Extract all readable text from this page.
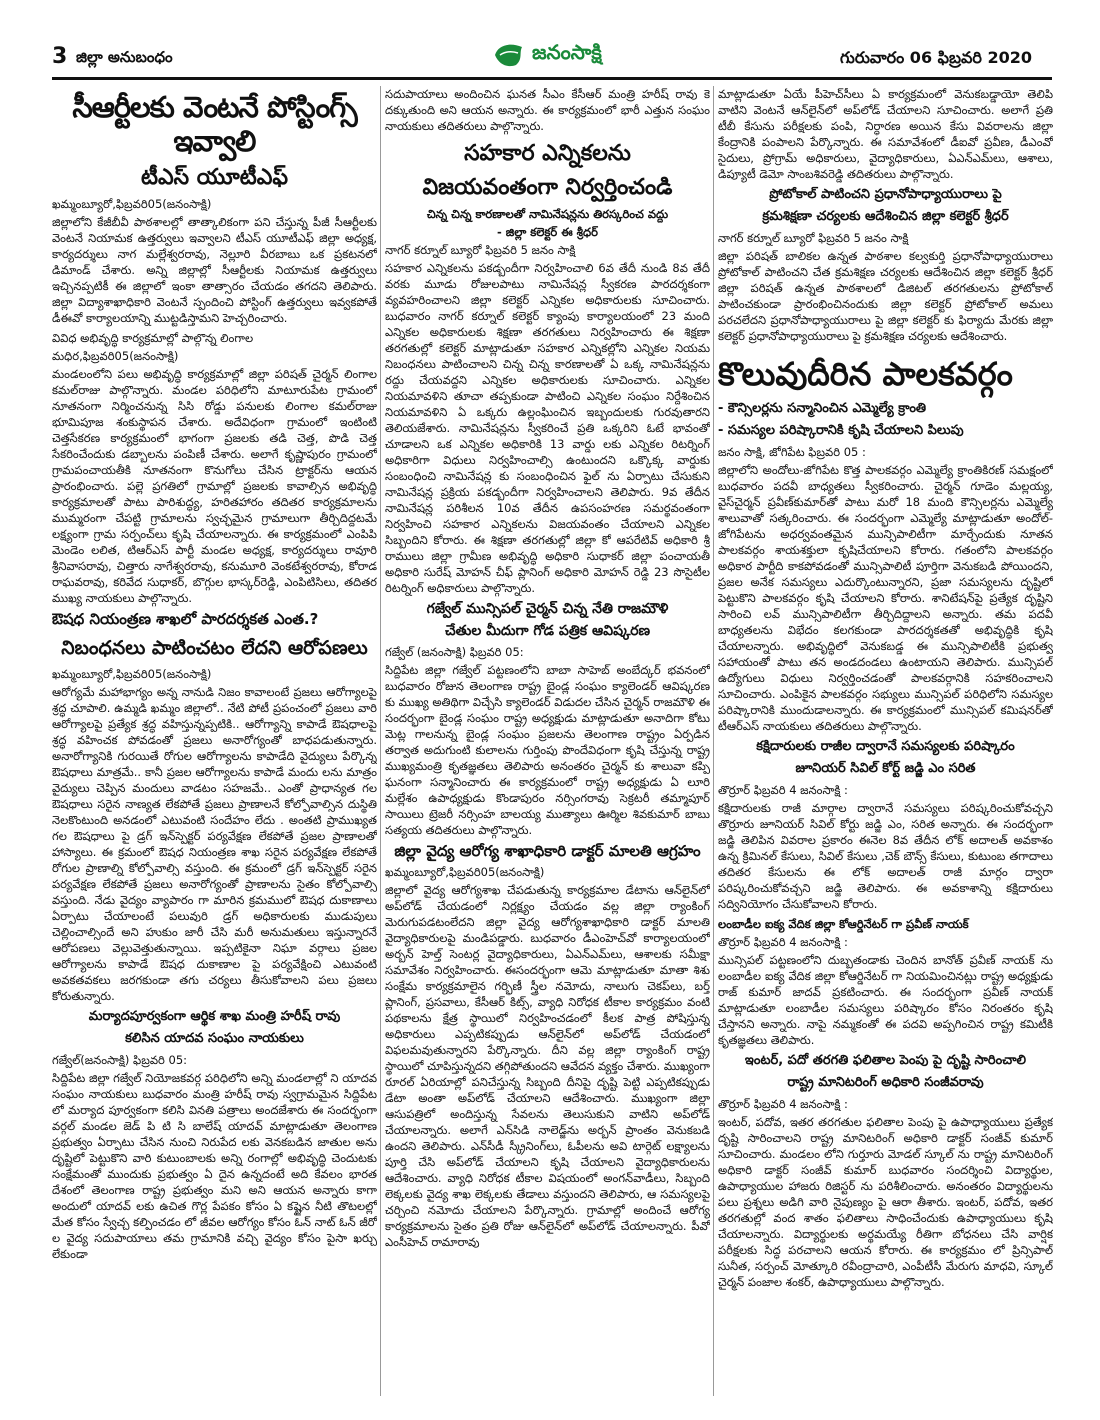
3 జిల్లా అనుబంధం	జనంసాక్షి	గురువారం 06 ఫిబ్రవరి 2020
సీఆర్టీలకు వెంటనే పోస్టింగ్స్ ఇవ్వాలి
టీఎస్ యూటీఎఫ్
ఖమ్మంబ్యూరో,ఫిబ్రవరి05(జనంసాక్షి)

జిల్లాలోని కేజీబీవీ పాఠశాలల్లో తాత్కాలికంగా పని చేస్తున్న పీజీ సీఆర్టీలకు వెంటనే నియామక ఉత్తర్వులు ఇవ్వాలని టీఎస్ యూటీఎఫ్ జిల్లా అధ్యక్ష, కార్యదర్శులు నాగ మల్లేశ్వరరావు, నెల్లూరి వీరబాబు ఒక ప్రకటనలో డిమాండ్ చేశారు. అన్ని జిల్లాల్లో సీఆర్టీలకు నియామక ఉత్తర్వులు ఇచ్చినప్పటికీ ఈ జిల్లాలో ఇంకా తాత్సారం చేయడం తగదని తెలిపారు. జిల్లా విద్యాశాఖాధికారి వెంటనే స్పందించి పోస్టింగ్ ఉత్తర్వులు ఇవ్వకపోతే డీఈవో కార్యాలయాన్ని ముట్టడిస్తామని హెచ్చరించారు.

వివిధ అభివృద్ధి కార్యక్రమాల్లో పాల్గొన్న లింగాల
మధిర,ఫిబ్రవరి05(జనంసాక్షి)

మండలంలోని పలు అభివృద్ధి కార్యక్రమాల్లో జిల్లా పరిషత్ చైర్మన్ లింగాల కమల్‌రాజు పాల్గొన్నారు. మండల పరిధిలోని మాటూరుపేట గ్రామంలో నూతనంగా నిర్మించనున్న సిసి రోడ్డు పనులకు లింగాల కమల్‌రాజు భూమిపూజ శంకుస్థాపన చేశారు. అదేవిధంగా గ్రామంలో ఇంటింటి చెత్తసేకరణ కార్యక్రమంలో భాగంగా ప్రజలకు తడి చెత్త, పొడి చెత్త సేకరించేందుకు డబ్బాలను పంపిణీ చేశారు. అలాగే కృష్ణాపురం గ్రామంలో గ్రామపంచాయతీకి నూతనంగా కొనుగోలు చేసిన ట్రాక్టర్‌ను ఆయన ప్రారంభించారు. పల్లె ప్రగతిలో గ్రామాల్లో ప్రజలకు కావాల్సిన అభివృద్ధి కార్యక్రమాలతో పాటు పారిశుద్ధ్య, హరితహారం తదితర కార్యక్రమాలను ముమ్మరంగా చేపట్టి గ్రామాలను స్వచ్ఛమైన గ్రామాలుగా తీర్చిదిద్దటమే లక్ష్యంగా గ్రామ సర్పంచ్‌లు కృషి చేయాలన్నారు. ఈ కార్యక్రమంలో ఎంపిపి మెండెం లలిత, టిఆర్ఎస్ పార్టీ మండల అధ్యక్ష, కార్యదర్శులు రావూరి శ్రీనివాసరావు, చిత్తారు నాగేశ్వరరావు, కనుమూరి వెంకటేశ్వరరావు, కోరాడ రాఘవరావు, కరివేద సుధాకర్, బొగ్గుల భాస్కర్‌రెడ్డి, ఎంపిటిసిలు, తదితర ముఖ్య నాయకులు పాల్గొన్నారు.

ఔషధ నియంత్రణ శాఖలో పారదర్శకత ఎంత.?
నిబంధనలు పాటించటం లేదని ఆరోపణలు
ఖమ్మంబ్యూరో,ఫిబ్రవరి05(జనంసాక్షి)

ఆరోగ్యమే మహాభాగ్యం అన్న నానుడి నిజం కావాలంటే ప్రజలు ఆరోగ్యాలపై శ్రద్ధ చూపాలి. ఉమ్మడి ఖమ్మం జిల్లాలో.. నేటి పోటీ ప్రపంచంలో ప్రజలు వారి ఆరోగ్యాలపై ప్రత్యేక శ్రద్ధ వహిస్తున్నప్పటికి.. ఆరోగ్యాన్ని కాపాడే ఔషధాలపై శ్రద్ధ వహించక పోవడంతో ప్రజలు అనారోగ్యంతో బాధపడుతున్నారు. అనారోగ్యానికి గురయితే రోగుల ఆరోగ్యాలను కాపాడేది వైద్యులు పేర్కొన్న ఔషధాలు మాత్రమే.. కానీ ప్రజల ఆరోగ్యాలను కాపాడే మందు లను మాత్రం వైద్యులు చెప్పిన మందులు వాడటం సహజమే.. ఎంతో ప్రాధాన్యత గల ఔషధాలు సరైన నాణ్యత లేకపోతే ప్రజలు ప్రాణాలనే కోల్పోవాల్సిన దుస్థితి నెలకొంటుంది అనడంలో ఎటువంటి సందేహం లేదు . అంతటి ప్రాముఖ్యత గల ఔషధాలు పై డ్రగ్ ఇన్‌స్పెక్టర్ పర్యవేక్షణ లేకపోతే ప్రజల ప్రాణాలతో హాస్యాలు. ఈ క్రమంలో ఔషధ నియంత్రణ శాఖ సరైన పర్యవేక్షణ లేకపోతే రోగుల ప్రాణాల్ని కోల్పోవాల్సి వస్తుంది. ఈ క్రమంలో డ్రగ్ ఇన్‌స్పెక్టర్ సరైన పర్యవేక్షణ లేకపోతే ప్రజలు అనారోగ్యంతో ప్రాణాలను సైతం కోల్పోవాల్సి వస్తుంది. నేడు వైద్యం వ్యాపారం గా మారిన క్రమములో ఔషధ దుకాణాలు ఏర్పాటు చేయాలంటే పలువురి డ్రగ్ అధికారులకు ముడుపులు చెల్లించాల్సిందే అని హుకుం జారీ చేసి మరీ అనుమతులు ఇస్తున్నారనే ఆరోపణలు వెల్లువెత్తుతున్నాయి. ఇప్పటికైనా నిఘా వర్గాలు ప్రజల ఆరోగ్యాలను కాపాడే ఔషధ దుకాణాల పై పర్యవేక్షించి ఎటువంటి అవకతవకలు జరగకుండా తగు చర్యలు తీసుకోవాలని పలు ప్రజలు కోరుతున్నారు.

మర్యాదపూర్వకంగా ఆర్థిక శాఖ మంత్రి హరీష్ రావు
కలిసిన యాదవ సంఘం నాయకులు
గజ్వేల్(జనంసాక్షి) ఫిబ్రవరి 05:

సిద్దిపేట జిల్లా గజ్వేల్ నియోజకవర్గ పరిధిలోని అన్ని మండలాల్లో ని యాదవ సంఘం నాయకులు బుధవారం మంత్రి హరీష్ రావు స్వగ్రామమైన సిద్దిపేట లో మర్యాద పూర్వకంగా కలిసి వినతి పత్రాలు అందజేశారు ఈ సందర్భంగా వర్గల్ మండల జెడ్ పి టి సి బాలేష్ యాదవ్ మాట్లాడుతూ తెలంగాణ ప్రభుత్వం ఏర్పాటు చేసిన నుంచి నిరుపేద లకు వెనకబడిన జాతుల అను దృష్టిలో పెట్టుకొని వారి కుటుంబాలకు అన్ని రంగాల్లో అభివృద్ధి చెందుటకు సంక్షేమంతో ముందుకు ప్రభుత్వం ఏ దైన ఉన్నదంటే అది కేవలం భారత దేశంలో తెలంగాణ రాష్ట్ర ప్రభుత్వం మని అని ఆయన అన్నారు కాగా అందులో యాదవ్ లకు ఉచిత గొర్ల పేపకం కోసం ఏ కష్టైన నీటి తొటలల్లో మేత కోసం స్వేచ్చ కల్పించడం లో జీవల ఆరోగ్యం కోసం ఓన్ నాట్ ఓన్ జీరో ల వైద్య సదుపాయాలు తమ గ్రామానికి వచ్చి వైద్యం కోసం పైసా ఖర్చు లేకుండా

సదుపాయాలు అందించిన ఘనత సీఎం కేసీఆర్ మంత్రి హరీష్ రావు కె దక్కుతుంది అని ఆయన అన్నారు. ఈ కార్యక్రమంలో భారీ ఎత్తున సంఘం నాయకులు తదితరులు పాల్గొన్నారు.

సహకార ఎన్నికలను
విజయవంతంగా నిర్వర్తించండి
చిన్న చిన్న కారణాలతో నామినేషన్లను తిరస్కరించ వద్దు
- జిల్లా కలెక్టర్ ఈ శ్రీధర్
నాగర్ కర్నూల్ బ్యూరో ఫిబ్రవరి 5 జనం సాక్షి

సహకార ఎన్నికలను పకడ్బందీగా నిర్వహించాలి 6వ తేదీ నుండి 8వ తేదీ వరకు మూడు రోజులపాటు నామినేషన్ల స్వీకరణ పారదర్శకంగా వ్యవహరించాలని జిల్లా కలెక్టర్ ఎన్నికల అధికారులకు సూచించారు. బుధవారం నాగర్ కర్నూల్ కలెక్టర్ క్యాంపు కార్యాలయంలో 23 మంది ఎన్నికల అధికారులకు శిక్షణా తరగతులు నిర్వహించారు ఈ శిక్షణా తరగతుల్లో కలెక్టర్ మాట్లాడుతూ సహకార ఎన్నికల్లోని ఎన్నికల నియమ నిబంధనలు పాటించాలని చిన్న చిన్న కారణాలతో ఏ ఒక్క నామినేషన్లను రద్దు చేయవద్దని ఎన్నికల అధికారులకు సూచించారు. ఎన్నికల నియమావళిని తూచా తప్పకుండా పాటించి ఎన్నికల సంఘం నిర్దేశించిన నియమావళిని ఏ ఒక్కరు ఉల్లంఘించిన ఇబ్బందులకు గురవుతారని తెలియజేశారు. నామినేషన్లను స్వీకరించే ప్రతి ఒక్కరిని ఓటే భావంతో చూడాలని ఒక ఎన్నికల అధికారికి 13 వార్డు లకు ఎన్నికల రిటర్నింగ్ అధికారిగా విధులు నిర్వహించాల్సి ఉంటుందని ఒక్కొక్క వార్డుకు సంబంధించి నామినేషన్ల కు సంబంధించిన ఫైల్ ను ఏర్పాటు చేసుకుని నామినేషన్ల ప్రక్రియ పకడ్బందీగా నిర్వహించాలని తెలిపారు. 9వ తేదీన నామినేషన్ల పరిశీలన 10వ తేదీన ఉపసంహరణ సమర్థవంతంగా నిర్వహించి సహకార ఎన్నికలను విజయవంతం చేయాలని ఎన్నికల సిబ్బందిని కోరారు. ఈ శిక్షణా తరగతుల్లో జిల్లా కో ఆపరేటివ్ అధికారి శ్రీ రాములు జిల్లా గ్రామీణ అభివృద్ధి అధికారి సుధాకర్ జిల్లా పంచాయతీ అధికారి సురేష్ మోహన్ చీఫ్ ప్లానింగ్ అధికారి మోహన్ రెడ్డి 23 సొసైటీల రిటర్నింగ్ అధికారులు పాల్గొన్నారు.

గజ్వేల్ మున్సిపల్ చైర్మన్ చిన్న నేతి రాజమౌళి
చేతుల మీదుగా గోడ పత్రిక ఆవిష్కరణ
గజ్వేల్ (జనంసాక్షి) ఫిబ్రవరి 05:

సిద్దిపేట జిల్లా గజ్వేల్ పట్టణంలోని బాబా సాహెబ్ అంబేద్కర్ భవనంలో బుధవారం రోజున తెలంగాణ రాష్ట్ర బైండ్ల సంఘం క్యాలెండర్ ఆవిష్కరణ కు ముఖ్య అతిథిగా విచ్చేసి క్యాలెండర్ విడుదల చేసిన చైర్మన్ రాజమౌళి ఈ సందర్భంగా బైండ్ల సంఘం రాష్ట్ర అధ్యక్షుడు మాట్లాడుతూ అనాదిగా కోటు మెట్ల గాలనున్న బైండ్ల సంఘం ప్రజలను తెలంగాణ రాష్ట్రం ఏర్పడిన తర్వాత అదుగుంటి కులాలను గుర్తింపు పొందేవిధంగా కృషి చేస్తున్న రాష్ట్ర ముఖ్యమంత్రి కృతజ్ఞతలు తెలిపారు అనంతరం చైర్మన్ కు శాలువా కప్పి ఘనంగా సన్మానించారు ఈ కార్యక్రమంలో రాష్ట్ర అధ్యక్షుడు ఏ లూరి మల్లేశం ఉపాధ్యక్షుడు కొండాపురం నర్సింగరావు సెక్రటరీ తమ్మాపూర్ సాయిలు ట్రెజరీ నర్సింహ బాలయ్య ముత్యాలు ఊర్మిల శివకుమార్ బాబు సత్యయ తదితరులు పాల్గొన్నారు.

జిల్లా వైద్య ఆరోగ్య శాఖాధికారి డాక్టర్ మాలతి ఆగ్రహం
ఖమ్మంబ్యూరో,ఫిబ్రవరి05(జనంసాక్షి)

జిల్లాలో వైద్య ఆరోగ్యశాఖ చేపడుతున్న కార్యక్రమాల డేటాను ఆన్‌లైన్‌లో అప్‌లోడ్ చేయడంలో నిర్లక్ష్యం చేయడం వల్ల జిల్లా ర్యాంకింగ్ మెరుగుపడటంలేదని జిల్లా వైద్య ఆరోగ్యశాఖాధికారి డాక్టర్ మాలతి వైద్యాధికారులపై మండిపడ్డారు. బుధవారం డీఎంహెచ్‌వో కార్యాలయంలో అర్బన్ హెల్త్ సెంటర్ల వైద్యాధికారులు, ఏఎన్ఎమ్‌లు, ఆశాలకు సమీక్షా సమావేశం నిర్వహించారు. ఈసందర్భంగా ఆమె మాట్లాడుతూ మాతా శిశు సంక్షేమ కార్యక్రమాలైన గర్భిణీ స్త్రీల నమోదు, నాలుగు చెకప్‌లు, బర్త్ ప్లానింగ్, ప్రసవాలు, కేసీఆర్ కిట్స్, వ్యాధి నిరోధక టీకాల కార్యక్రమం వంటి పథకాలను క్షేత్ర స్థాయిలో నిర్వహించడంలో కీలక పాత్ర పోషిస్తున్న అధికారులు ఎప్పటికప్పుడు ఆన్‌లైన్‌లో అప్‌లోడ్ చేయడంలో విఫలమవుతున్నారని పేర్కొన్నారు. దీని వల్ల జిల్లా ర్యాంకింగ్ రాష్ట్ర స్థాయిలో చూపిస్తున్నదని తగ్గిపోతుందని ఆవేదన వ్యక్తం చేశారు. ముఖ్యంగా రూరల్ ఏరియాల్లో పనిచేస్తున్న సిబ్బంది దీనిపై దృష్టి పెట్టి ఎప్పటికప్పుడు డేటా అంతా అప్‌లోడ్ చేయాలని ఆదేశించారు. ముఖ్యంగా జిల్లా ఆసుపత్రిలో అందిస్తున్న సేవలను తెలుసుకుని వాటిని అప్‌లోడ్ చేయాలన్నారు. అలాగే ఎన్‌సిడి నాలెడ్జ్‌ను అర్బన్ ప్రాంతం వెనుకబడి ఉందని తెలిపారు. ఎన్‌సీడీ స్క్రీనింగ్‌లు, ఓపీలను అవి టార్గెట్ లక్ష్యాలను పూర్తి చేసి అప్‌లోడ్ చేయాలని కృషి చేయాలని వైద్యాధికారులను ఆదేశించారు. వ్యాధి నిరోధక టీకాల విషయంలో అంగన్‌వాడీలు, సిబ్బంది లెక్కలకు వైద్య శాఖ లెక్కలకు తేడాలు వస్తుందని తెలిపారు, ఆ సమస్యలపై చర్చించి నమోదు చేయాలని పేర్కొన్నారు. గ్రామాల్లో అందించే ఆరోగ్య కార్యక్రమాలను సైతం ప్రతి రోజు ఆన్‌లైన్‌లో అప్‌లోడ్ చేయాలన్నారు. పీవో ఎంసీహెచ్ రామారావు

మాట్లాడుతూ ఏయే పీహెచ్‌సీలు ఏ కార్యక్రమంలో వెనుకబడ్డాయో తెలిపి వాటిని వెంటనే ఆన్‌లైన్‌లో అప్‌లోడ్ చేయాలని సూచించారు. అలాగే ప్రతి టీబీ కేసును పరీక్షలకు పంపి, నిర్ధారణ అయిన కేసు వివరాలను జిల్లా కేంద్రానికి పంపాలని పేర్కొన్నారు. ఈ సమావేశంలో డీఐవో ప్రవీణ, డీఎంవో సైదులు, ప్రోగ్రామ్ అధికారులు, వైద్యాధికారులు, ఏఎన్ఎమ్‌లు, ఆశాలు, డిప్యూటీ డెమో సాంబశివరెడ్డి తదితరులు పాల్గొన్నారు.

ప్రోటోకాల్ పాటించని ప్రధానోపాధ్యాయురాలు పై
క్రమశిక్షణా చర్యలకు ఆదేశించిన జిల్లా కలెక్టర్ శ్రీధర్
నాగర్ కర్నూల్ బ్యూరో ఫిబ్రవరి 5 జనం సాక్షి

జిల్లా పరిషత్ బాలికల ఉన్నత పాఠశాల కల్వకుర్తి ప్రధానోపాధ్యాయురాలు ప్రోటోకాల్ పాటించని చేత క్రమశిక్షణ చర్యలకు ఆదేశించిన జిల్లా కలెక్టర్ శ్రీధర్ జిల్లా పరిషత్ ఉన్నత పాఠశాలలో డిజిటల్ తరగతులను ప్రోటోకాల్ పాటించకుండా ప్రారంభించినందుకు జిల్లా కలెక్టర్ ప్రోటోకాల్ అమలు పరచలేదని ప్రధానోపాధ్యాయురాలు పై జిల్లా కలెక్టర్ కు ఫిర్యాదు మేరకు జిల్లా కలెక్టర్ ప్రధానోపాధ్యాయురాలు పై క్రమశిక్షణ చర్యలకు ఆదేశించారు.

కొలువుదీరిన పాలకవర్గం
- కౌన్సిలర్లను సన్మానించిన ఎమ్మెల్యే క్రాంతి
- సమస్యల పరిష్కారానికి కృషి చేయాలని పిలుపు
జనం సాక్షి, జోగిపేట ఫిబ్రవరి 05 :

జిల్లాలోని అందోలు-జోగిపేట కొత్త పాలకవర్గం ఎమ్మెల్యే క్రాంతికిరణ్ సమక్షంలో బుధవారం పదవీ బాధ్యతలు స్వీకరించారు. చైర్మన్ గూడెం మల్లయ్య, వైస్‌చైర్మన్ ప్రవీణ్‌కుమార్‌తో పాటు మరో 18 మంది కౌన్సిలర్లను ఎమ్మెల్యే శాలువాతో సత్కరించారు. ఈ సందర్భంగా ఎమ్మెల్యే మాట్లాడుతూ అందోల్-జోగిపేటను అధర్వవంతమైన మున్సిపాలిటీగా మార్చేందుకు నూతన పాలకవర్గం శాయశక్తులా కృషిచేయాలని కోరారు. గతంలోని పాలకవర్గం అధికార పార్టీది కాకపోవడంతో మున్సిపాలిటీ పూర్తిగా వెనుకబడి పోయిందని, ప్రజల అనేక సమస్యలు ఎదుర్కొంటున్నారని, ప్రజా సమస్యలను దృష్టిలో పెట్టుకొని పాలకవర్గం కృషి చేయాలని కోరారు. శానిటేషన్‌పై ప్రత్యేక దృష్టిని సారించి లవ్ మున్సిపాలిటీగా తీర్చిదిద్దాలని అన్నారు. తమ పదవీ బాధ్యతలను విభేదం కలగకుండా పారదర్శకతతో అభివృద్ధికి కృషి చేయాలన్నారు. అభివృద్ధిలో వెనుకబడ్డ ఈ మున్సిపాలిటీకి ప్రభుత్వ సహాయంతో పాటు తన అండదండలు ఉంటాయని తెలిపారు. మున్సిపల్ ఉద్యోగులు విధులు నిర్వర్తించడంతో పాలకవర్గానికి సహకరించాలని సూచించారు. ఎంపికైన పాలకవర్గం సభ్యులు మున్సిపల్ పరిధిలోని సమస్యల పరిష్కారానికి ముందుడాలన్నారు. ఈ కార్యక్రమంలో మున్సిపల్ కమిషనర్‌తో టీఆర్ఎస్ నాయకులు తదితరులు పాల్గొన్నారు.

కక్షిదారులకు రాజీల ద్వారానే సమస్యలకు పరిష్కారం
జూనియర్ సివిల్ కోర్ట్ జడ్జి ఎం సరిత
తొర్రూర్ ఫిబ్రవరి 4 జనంసాక్షి :

కక్షిదారులకు రాజీ మార్గాల ద్వారానే సమస్యలు పరిష్కరించుకోవచ్చని తొర్రూరు జూనియర్ సివిల్ కోర్టు జడ్జి ఎం, సరిత అన్నారు. ఈ సందర్భంగా జడ్జి తెలిపిన వివరాల ప్రకారం ఈనెల 8వ తేదీన లోక్ అదాలత్ అవకాశం ఉన్న క్రిమినల్ కేసులు, సివిల్ కేసులు ,చెక్ బౌన్స్ కేసులు, కుటుంబ తగాదాలు తదితర కేసులను ఈ లోక్ అదాలత్ రాజీ మార్గం ద్వారా పరిష్కరించుకోవచ్చని జడ్జి తెలిపారు. ఈ అవకాశాన్ని కక్షిదారులు సద్వినియోగం చేసుకోవాలని కోరారు.

లంబాడీల ఐక్య వేదిక జిల్లా కోఆర్డినేటర్ గా ప్రవీణ్ నాయక్
తొర్రూర్ ఫిబ్రవరి 4 జనంసాక్షి :

మున్సిపల్ పట్టణంలోని దుబ్బతండాకు చెందిన బానోత్ ప్రవీణ్ నాయక్ ను లంబాడీల ఐక్య వేదిక జిల్లా కోఆర్డినేటర్ గా నియమించినట్లు రాష్ట్ర అధ్యక్షుడు రాజ్ కుమార్ జాదవ్ ప్రకటించారు. ఈ సందర్భంగా ప్రవీణ్ నాయక్ మాట్లాడుతూ లంబాడీల సమస్యలు పరిష్కారం కోసం నిరంతరం కృషి చేస్తానని అన్నారు. నాపై నమ్మకంతో ఈ పదవి అప్పగించిన రాష్ట్ర కమిటీకి కృతజ్ఞతలు తెలిపారు.

ఇంటర్, పదో తరగతి ఫలితాల పెంపు పై దృష్టి సారించాలి
రాష్ట్ర మానిటరింగ్ అధికారి సంజీవరావు
తొర్రూర్ ఫిబ్రవరి 4 జనంసాక్షి :

ఇంటర్, పదోవ, ఇతర తరగతుల ఫలితాల పెంపు పై ఉపాధ్యాయులు ప్రత్యేక దృష్టి సారించాలని రాష్ట్ర మానిటరింగ్ అధికారి డాక్టర్ సంజీవ్ కుమార్ సూచించారు. మండలం లోని గుర్తూరు మోడల్ స్కూల్ ను రాష్ట్ర మానిటరింగ్ అధికారి డాక్టర్ సంజీవ్ కుమార్ బుధవారం సందర్శించి విద్యార్థుల, ఉపాధ్యాయుల హాజరు రిజిస్టర్ ను పరిశీలించారు. అనంతరం విద్యార్థులను పలు ప్రశ్నలు అడిగి వారి నైపుణ్యం పై ఆరా తీశారు. ఇంటర్, పదోవ, ఇతర తరగతుల్లో వంద శాతం ఫలితాలు సాధించేందుకు ఉపాధ్యాయులు కృషి చేయాలన్నారు. విద్యార్థులకు అర్థమయ్యే రీతిగా బోధనలు చేసి వార్షిక పరీక్షలకు సిద్ధ పరచాలని ఆయన కోరారు. ఈ కార్యక్రమం లో ప్రిన్సిపాల్ సునీత, సర్పంచ్ మోత్కూరి రవీంద్రాచారి, ఎంపీటీసీ మేరుగు మాధవి, స్కూల్ చైర్మన్ పంజాల శంకర్, ఉపాధ్యాయులు పాల్గొన్నారు.
